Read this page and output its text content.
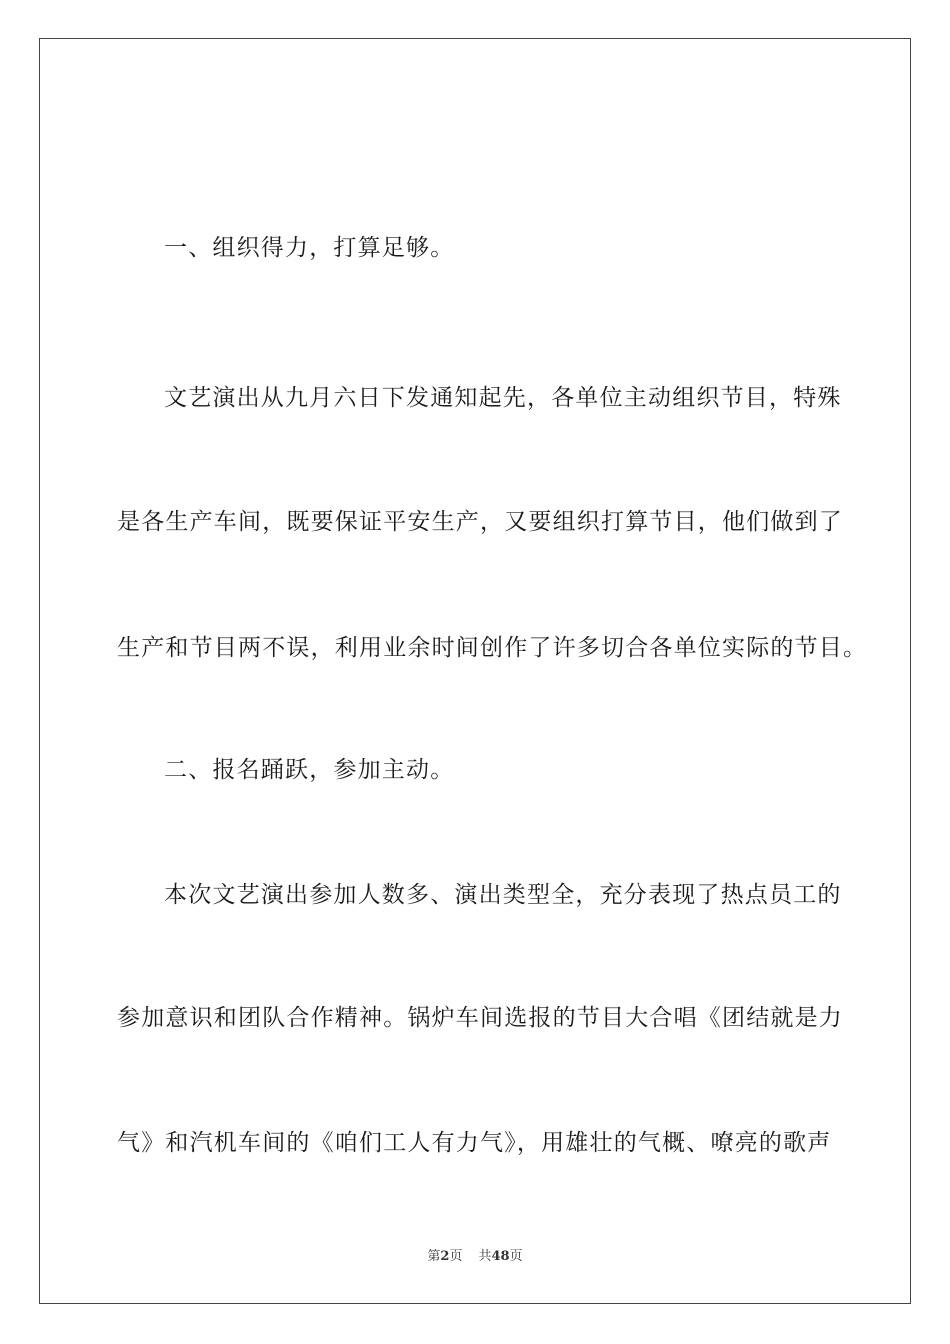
一、组织得力，打算足够。
文艺演出从九月六日下发通知起先，各单位主动组织节目，特殊
是各生产车间，既要保证平安生产，又要组织打算节目，他们做到了
生产和节目两不误，利用业余时间创作了许多切合各单位实际的节目。
二、报名踊跃，参加主动。
本次文艺演出参加人数多、演出类型全，充分表现了热点员工的
参加意识和团队合作精神。锅炉车间选报的节目大合唱《团结就是力
气》和汽机车间的《咱们工人有力气》，用雄壮的气概、嘹亮的歌声
第2页 共48页
